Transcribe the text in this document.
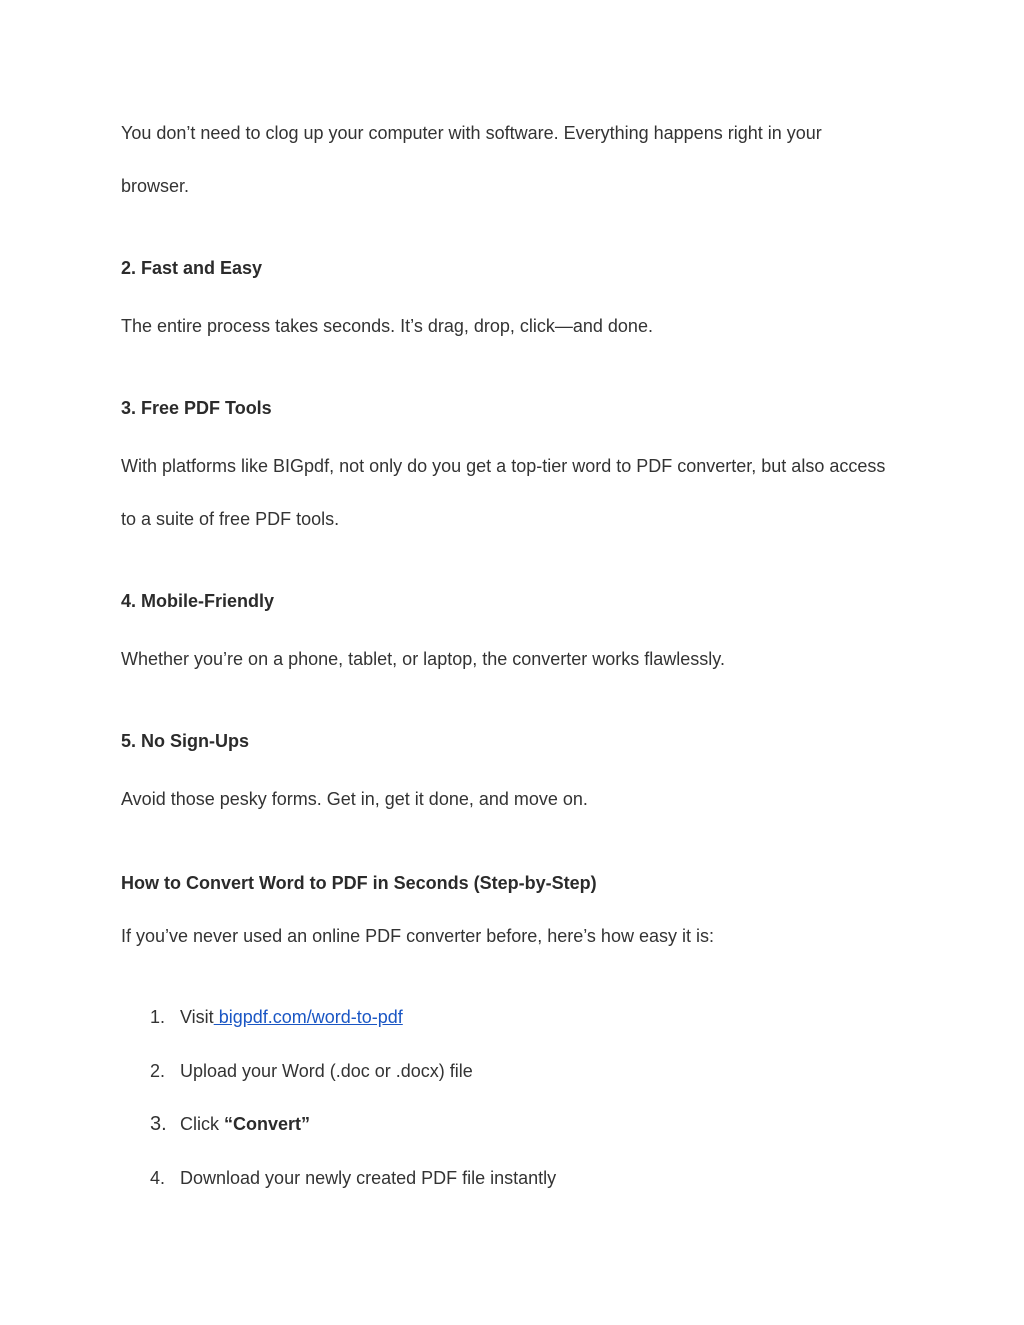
You don’t need to clog up your computer with software. Everything happens right in your

browser.

2. Fast and Easy

The entire process takes seconds. It’s drag, drop, click—and done.

3. Free PDF Tools

With platforms like BIGpdf, not only do you get a top-tier word to PDF converter, but also access

to a suite of free PDF tools.

4. Mobile-Friendly

Whether you’re on a phone, tablet, or laptop, the converter works flawlessly.

5. No Sign-Ups

Avoid those pesky forms. Get in, get it done, and move on.

How to Convert Word to PDF in Seconds (Step-by-Step)

If you’ve never used an online PDF converter before, here’s how easy it is:

1. Visit bigpdf.com/word-to-pdf
2. Upload your Word (.doc or .docx) file
3. Click “Convert”
4. Download your newly created PDF file instantly
